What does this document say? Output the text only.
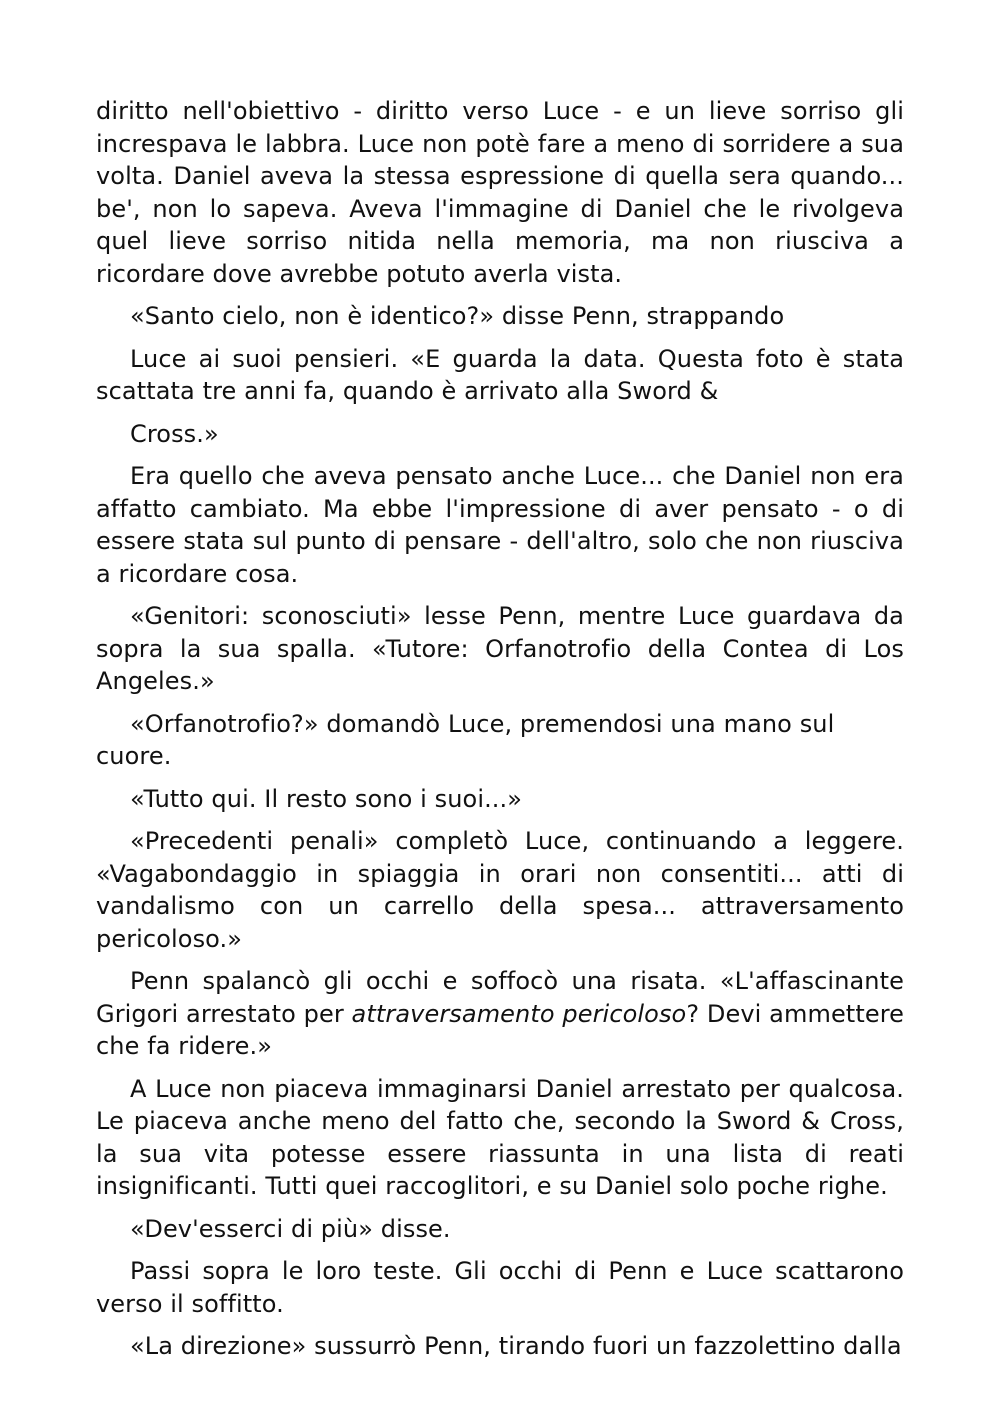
diritto nell'obiettivo - diritto verso Luce - e un lieve sorriso gli increspava le labbra. Luce non potè fare a meno di sorridere a sua volta. Daniel aveva la stessa espressione di quella sera quando... be', non lo sapeva. Aveva l'immagine di Daniel che le rivolgeva quel lieve sorriso nitida nella memoria, ma non riusciva a ricordare dove avrebbe potuto averla vista.

«Santo cielo, non è identico?» disse Penn, strappando

Luce ai suoi pensieri. «E guarda la data. Questa foto è stata scattata tre anni fa, quando è arrivato alla Sword &

Cross.»

Era quello che aveva pensato anche Luce... che Daniel non era affatto cambiato. Ma ebbe l'impressione di aver pensato - o di essere stata sul punto di pensare - dell'altro, solo che non riusciva a ricordare cosa.

«Genitori: sconosciuti» lesse Penn, mentre Luce guardava da sopra la sua spalla. «Tutore: Orfanotrofio della Contea di Los Angeles.»

«Orfanotrofio?» domandò Luce, premendosi una mano sul cuore.

«Tutto qui. Il resto sono i suoi...»

«Precedenti penali» completò Luce, continuando a leggere. «Vagabondaggio in spiaggia in orari non consentiti... atti di vandalismo con un carrello della spesa... attraversamento pericoloso.»

Penn spalancò gli occhi e soffocò una risata. «L'affascinante Grigori arrestato per attraversamento pericoloso? Devi ammettere che fa ridere.»

A Luce non piaceva immaginarsi Daniel arrestato per qualcosa. Le piaceva anche meno del fatto che, secondo la Sword & Cross, la sua vita potesse essere riassunta in una lista di reati insignificanti. Tutti quei raccoglitori, e su Daniel solo poche righe.

«Dev'esserci di più» disse.

Passi sopra le loro teste. Gli occhi di Penn e Luce scattarono verso il soffitto.

«La direzione» sussurrò Penn, tirando fuori un fazzolettino dalla
